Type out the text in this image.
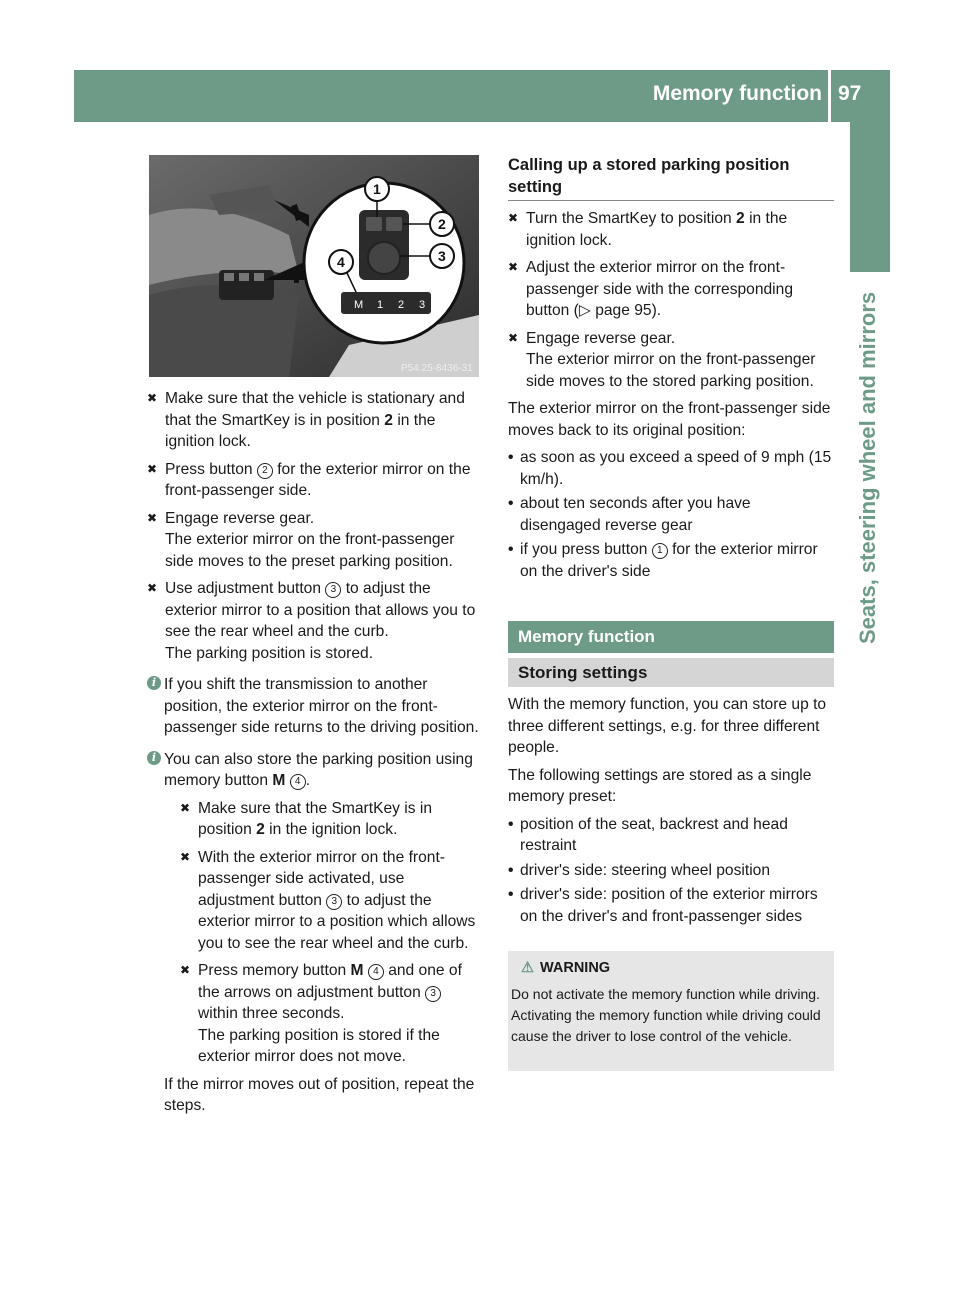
Memory function 97
Seats, steering wheel and mirrors
M 1 2 3
1
2
3
4
P54.25-8436-31
✖ Make sure that the vehicle is stationary and that the SmartKey is in position 2 in the ignition lock.
✖ Press button 2 for the exterior mirror on the front-passenger side.
✖ Engage reverse gear.

The exterior mirror on the front-passenger side moves to the preset parking position.

✖ Use adjustment button 3 to adjust the exterior mirror to a position that allows you to see the rear wheel and the curb.

The parking position is stored.

i If you shift the transmission to another position, the exterior mirror on the front-passenger side returns to the driving position.
i You can also store the parking position using memory button M 4 .
✖ Make sure that the SmartKey is in position 2 in the ignition lock.
✖ With the exterior mirror on the front-passenger side activated, use adjustment button 3 to adjust the exterior mirror to a position which allows you to see the rear wheel and the curb.
✖ Press memory button M 4 and one of the arrows on adjustment button 3 within three seconds.

The parking position is stored if the exterior mirror does not move.

If the mirror moves out of position, repeat the steps.

Calling up a stored parking position setting
✖ Turn the SmartKey to position 2 in the ignition lock.
✖ Adjust the exterior mirror on the front-passenger side with the corresponding button (▷ page 95).
✖ Engage reverse gear.

The exterior mirror on the front-passenger side moves to the stored parking position.

The exterior mirror on the front-passenger side moves back to its original position:

• as soon as you exceed a speed of 9 mph (15 km/h).
• about ten seconds after you have disengaged reverse gear
• if you press button 1 for the exterior mirror on the driver's side
Memory function
Storing settings

With the memory function, you can store up to three different settings, e.g. for three different people.

The following settings are stored as a single memory preset:

• position of the seat, backrest and head restraint
• driver's side: steering wheel position
• driver's side: position of the exterior mirrors on the driver's and front-passenger sides
⚠ WARNING
Do not activate the memory function while driving. Activating the memory function while driving could cause the driver to lose control of the vehicle.
